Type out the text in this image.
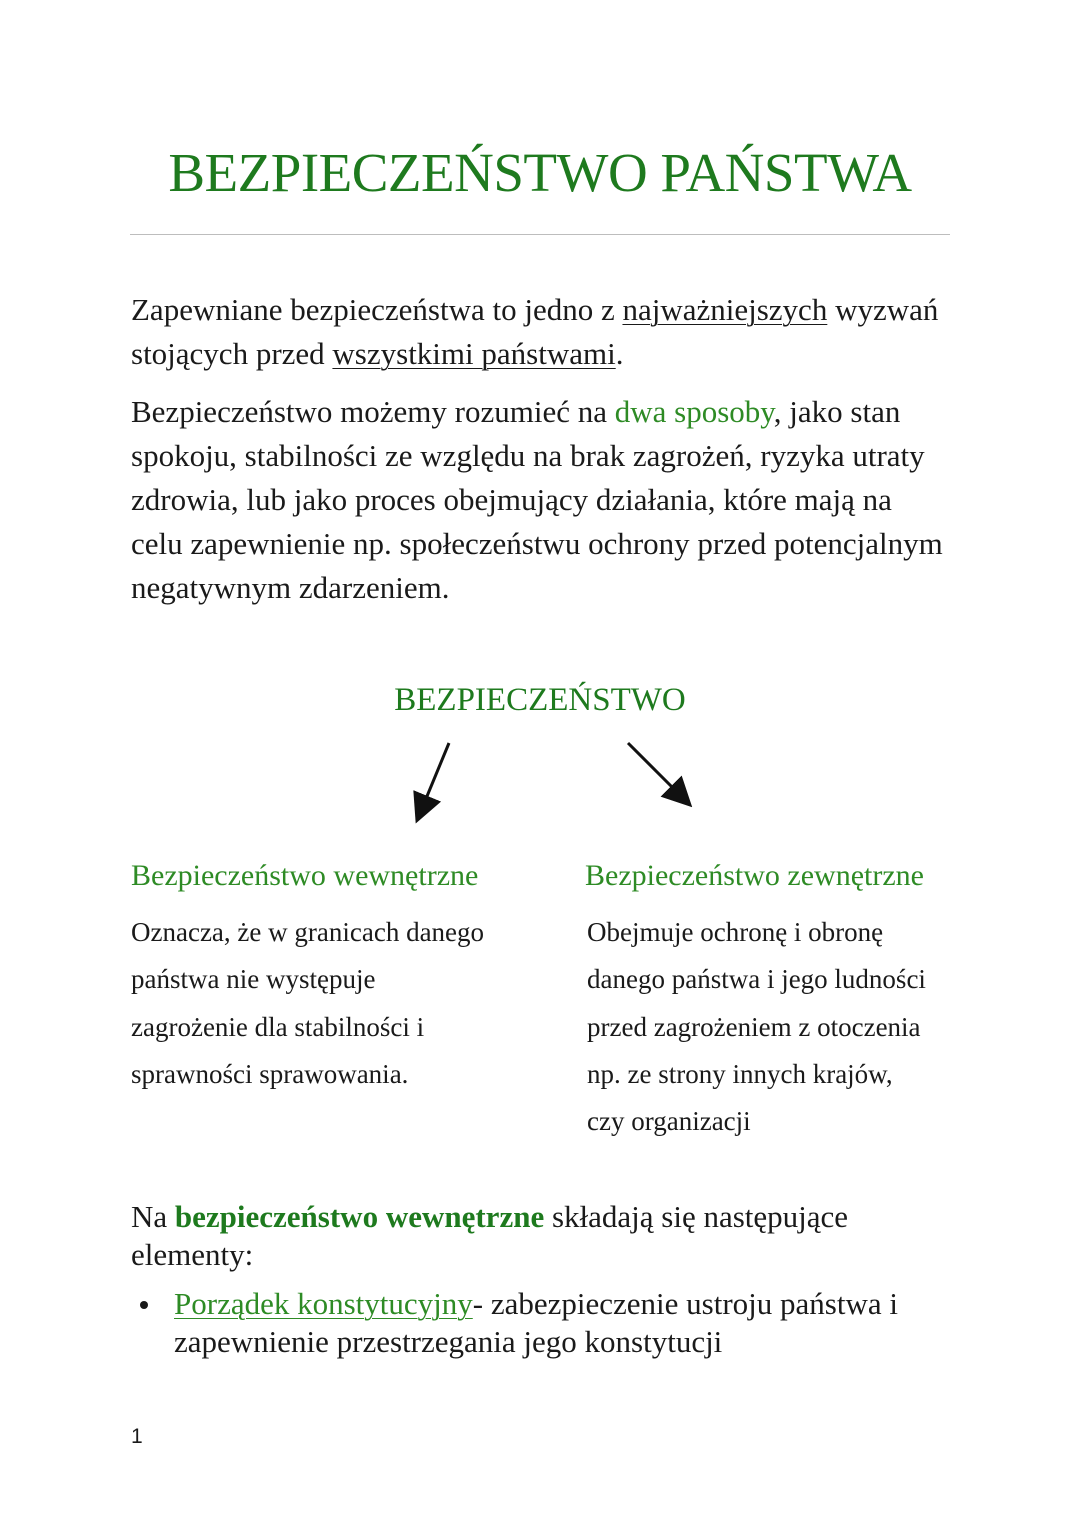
BEZPIECZEŃSTWO PAŃSTWA

Zapewniane bezpieczeństwa to jedno z najważniejszych wyzwań stojących przed wszystkimi państwami.

Bezpieczeństwo możemy rozumieć na dwa sposoby, jako stan spokoju, stabilności ze względu na brak zagrożeń, ryzyka utraty zdrowia, lub jako proces obejmujący działania, które mają na celu zapewnienie np. społeczeństwu ochrony przed potencjalnym negatywnym zdarzeniem.

BEZPIECZEŃSTWO
Bezpieczeństwo wewnętrzne
Oznacza, że w granicach danego
państwa nie występuje
zagrożenie dla stabilności i
sprawności sprawowania.
Bezpieczeństwo zewnętrzne
Obejmuje ochronę i obronę
danego państwa i jego ludności
przed zagrożeniem z otoczenia
np. ze strony innych krajów,
czy organizacji

Na bezpieczeństwo wewnętrzne składają się następujące elementy:

Porządek konstytucyjny- zabezpieczenie ustroju państwa i zapewnienie przestrzegania jego konstytucji
1
